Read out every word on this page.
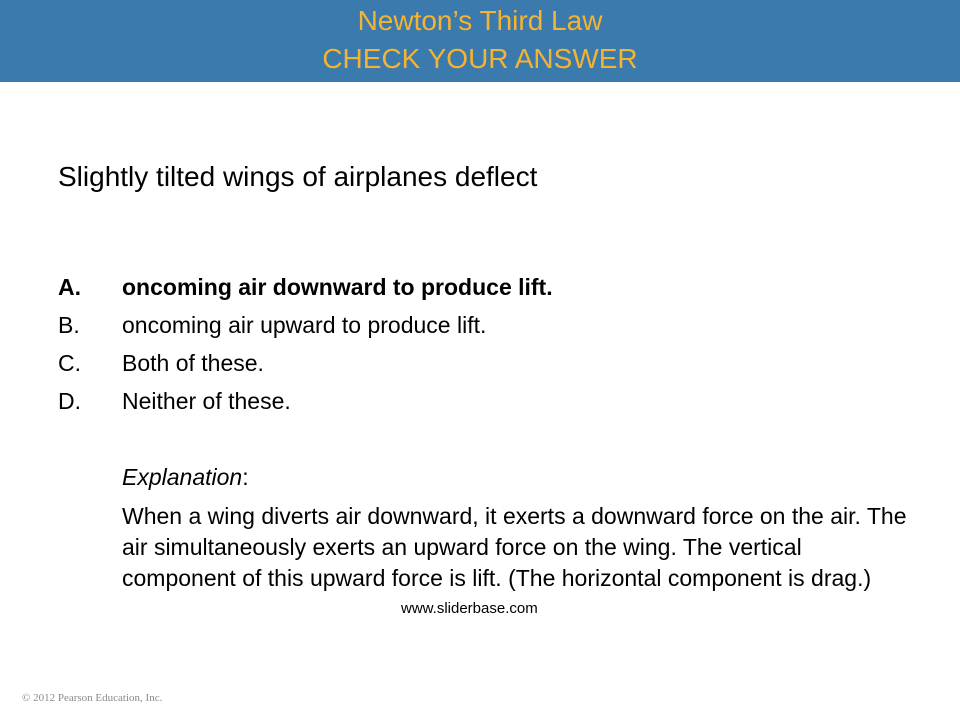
Newton’s Third Law
CHECK YOUR ANSWER
Slightly tilted wings of airplanes deflect
A. oncoming air downward to produce lift.
B. oncoming air upward to produce lift.
C. Both of these.
D. Neither of these.
Explanation:
When a wing diverts air downward, it exerts a downward force on the air. The air simultaneously exerts an upward force on the wing. The vertical component of this upward force is lift. (The horizontal component is drag.)
www.sliderbase.com
© 2012 Pearson Education, Inc.
